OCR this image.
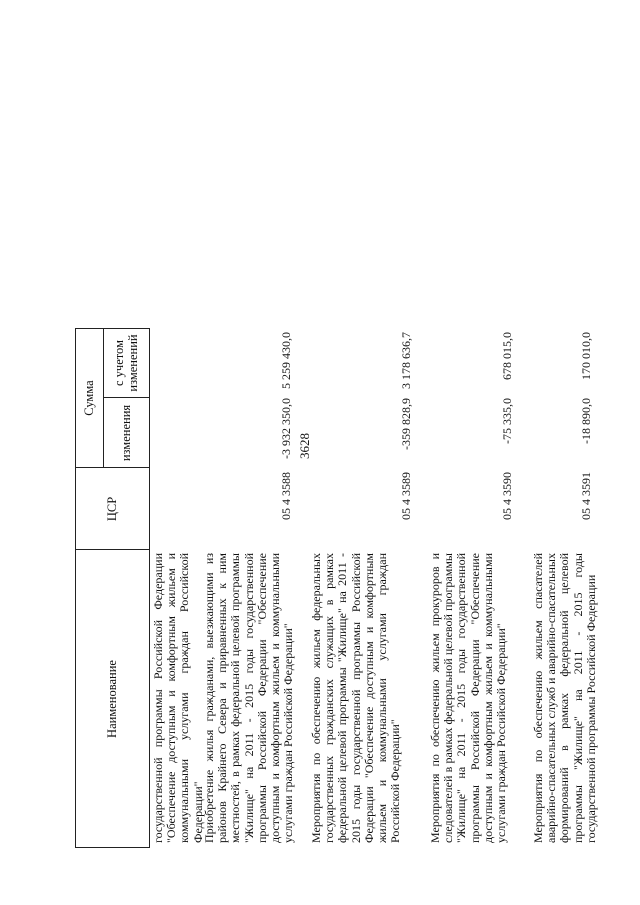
3628
Наименование
ЦСР
Сумма
изменения
с учетом изменений
государственной программы Российской Федерации "Обеспечение доступным и комфортным жильем и коммунальными услугами граждан Российской Федерации"
Приобретение жилья гражданами, выезжающими из районов Крайнего Севера и приравненных к ним местностей, в рамках федеральной целевой программы "Жилище" на 2011 - 2015 годы государственной программы Российской Федерации "Обеспечение доступным и комфортным жильем и коммунальными услугами граждан Российской Федерации"
05 4 3588
-3 932 350,0
5 259 430,0
Мероприятия по обеспечению жильем федеральных государственных гражданских служащих в рамках федеральной целевой программы "Жилище" на 2011 - 2015 годы государственной программы Российской Федерации "Обеспечение доступным и комфортным жильем и коммунальными услугами граждан Российской Федерации"
05 4 3589
-359 828,9
3 178 636,7
Мероприятия по обеспечению жильем прокуроров и следователей в рамках федеральной целевой программы "Жилище" на 2011 - 2015 годы государственной программы Российской Федерации "Обеспечение доступным и комфортным жильем и коммунальными услугами граждан Российской Федерации"
05 4 3590
-75 335,0
678 015,0
Мероприятия по обеспечению жильем спасателей аварийно-спасательных служб и аварийно-спасательных формирований в рамках федеральной целевой программы "Жилище" на 2011 - 2015 годы государственной программы Российской Федерации
05 4 3591
-18 890,0
170 010,0
